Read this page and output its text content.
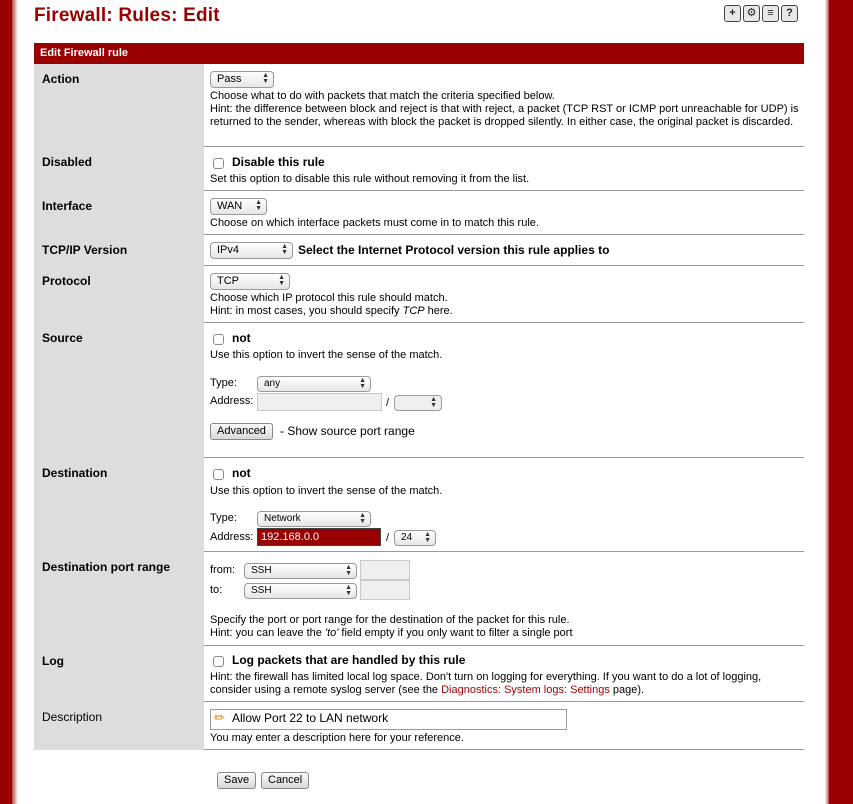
Firewall: Rules: Edit	+ ⚙ ≡	?
Edit Firewall rule
Action	Pass	▲
▼
Choose what to do with packets that match the criteria specified below.
Hint: the difference between block and reject is that with reject, a packet (TCP RST or ICMP port unreachable for UDP) is returned to the sender, whereas with block the packet is dropped silently. In either case, the original packet is discarded.
Disabled	Disable this rule
Set this option to disable this rule without removing it from the list.
Interface	WAN ▲
▼
Choose on which interface packets must come in to match this rule.
TCP/IP Version	IPv4	▲
▼ Select the Internet Protocol version this rule applies to
Protocol	TCP	▲
▼
Choose which IP protocol this rule should match.
Hint: in most cases, you should specify TCP here.
Source	not
Use this option to invert the sense of the match.
Type:	any	▲
▼
Address:	/	▲
▼
Advanced	- Show source port range
Destination	not
Use this option to invert the sense of the match.
Type:	Network	▲
▼
Address: 192.168.0.0	/	24 ▲
▼
Destination port range	from:	SSH	▲
▼
to:	SSH	▲
▼
Specify the port or port range for the destination of the packet for this rule.
Hint: you can leave the 'to' field empty if you only want to filter a single port
Log	Log packets that are handled by this rule
Hint: the firewall has limited local log space. Don't turn on logging for everything. If you want to do a lot of logging,
consider using a remote syslog server (see the Diagnostics: System logs: Settings page).
Description	✏ Allow Port 22 to LAN network
You may enter a description here for your reference.
Save	Cancel
